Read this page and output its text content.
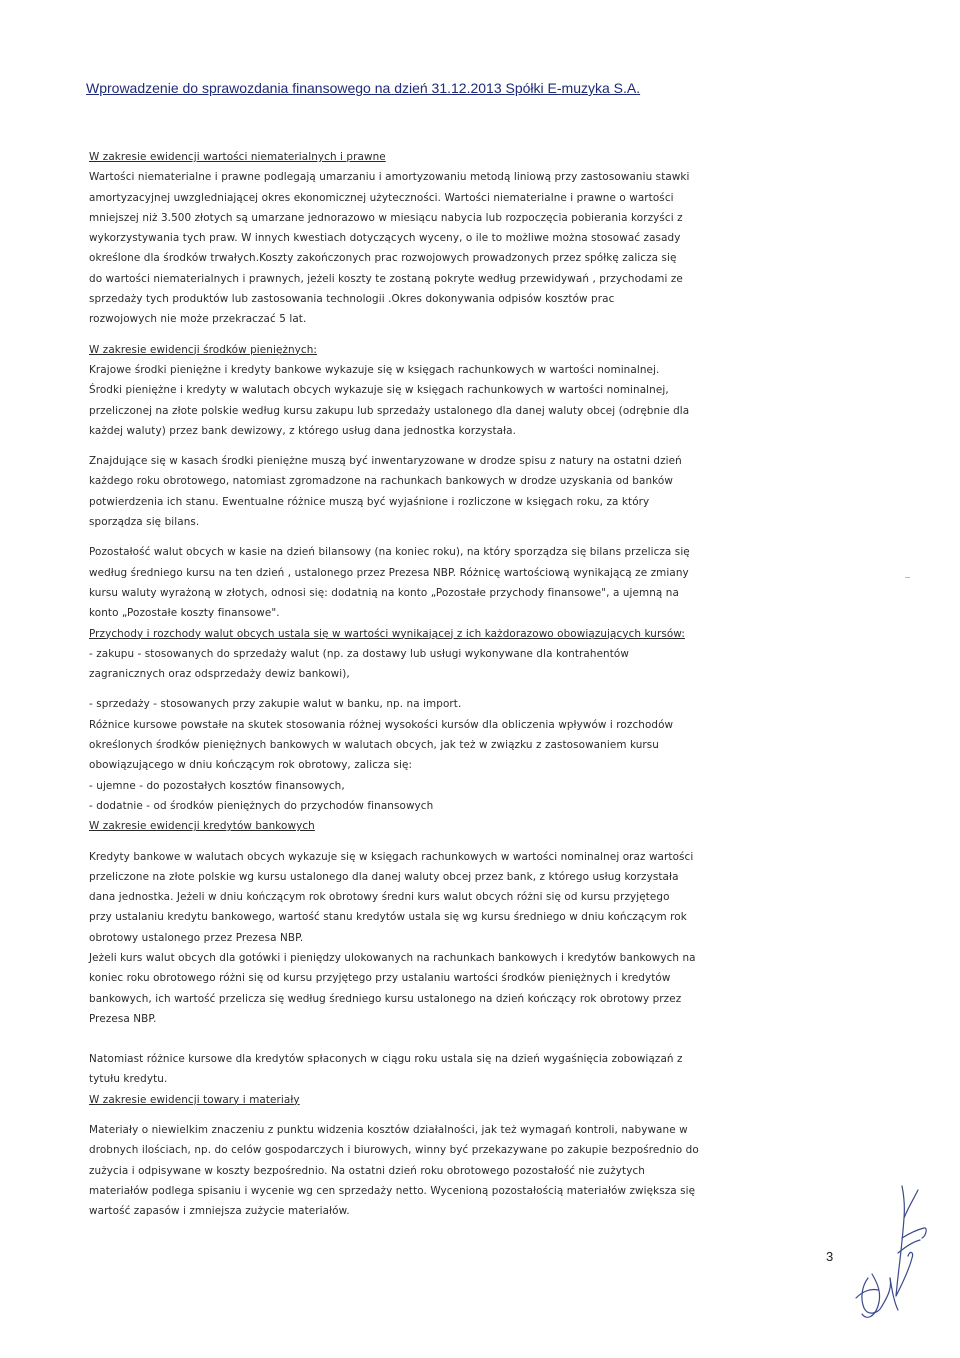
Wprowadzenie do sprawozdania finansowego na dzień 31.12.2013 Spółki E-muzyka S.A.
W zakresie ewidencji wartości niematerialnych i prawne
Wartości niematerialne i prawne podlegają umarzaniu i amortyzowaniu metodą liniową przy zastosowaniu stawki
amortyzacyjnej uwzgledniającej okres ekonomicznej użyteczności. Wartości niematerialne i prawne o wartości
mniejszej niż 3.500 złotych są umarzane jednorazowo w miesiącu nabycia lub rozpoczęcia pobierania korzyści z
wykorzystywania tych praw. W innych kwestiach dotyczących wyceny, o ile to możliwe można stosować zasady
określone dla środków trwałych.Koszty zakończonych prac rozwojowych prowadzonych przez spółkę zalicza się
do wartości niematerialnych i prawnych, jeżeli koszty te zostaną pokryte według przewidywań , przychodami ze
sprzedaży tych produktów lub zastosowania technologii .Okres dokonywania odpisów kosztów prac
rozwojowych nie może przekraczać 5 lat.
W zakresie ewidencji środków pieniężnych:
Krajowe środki pieniężne i kredyty bankowe wykazuje się w księgach rachunkowych w wartości nominalnej.
Środki pieniężne i kredyty w walutach obcych wykazuje się w księgach rachunkowych w wartości nominalnej,
przeliczonej na złote polskie według kursu zakupu lub sprzedaży ustalonego dla danej waluty obcej (odrębnie dla
każdej waluty) przez bank dewizowy, z którego usług dana jednostka korzystała.
Znajdujące się w kasach środki pieniężne muszą być inwentaryzowane w drodze spisu z natury na ostatni dzień
każdego roku obrotowego, natomiast zgromadzone na rachunkach bankowych w drodze uzyskania od banków
potwierdzenia ich stanu. Ewentualne różnice muszą być wyjaśnione i rozliczone w księgach roku, za który
sporządza się bilans.
Pozostałość walut obcych w kasie na dzień bilansowy (na koniec roku), na który sporządza się bilans przelicza się
według średniego kursu na ten dzień , ustalonego przez Prezesa NBP. Różnicę wartościową wynikającą ze zmiany
kursu waluty wyrażoną w złotych, odnosi się: dodatnią na konto „Pozostałe przychody finansowe", a ujemną na
konto „Pozostałe koszty finansowe".
Przychody i rozchody walut obcych ustala się w wartości wynikającej z ich każdorazowo obowiązujących kursów:
- zakupu - stosowanych do sprzedaży walut (np. za dostawy lub usługi wykonywane dla kontrahentów
zagranicznych oraz odsprzedaży dewiz bankowi),
- sprzedaży - stosowanych przy zakupie walut w banku, np. na import.
Różnice kursowe powstałe na skutek stosowania różnej wysokości kursów dla obliczenia wpływów i rozchodów
określonych środków pieniężnych bankowych w walutach obcych, jak też w związku z zastosowaniem kursu
obowiązującego w dniu kończącym rok obrotowy, zalicza się:
- ujemne - do pozostałych kosztów finansowych,
- dodatnie - od środków pieniężnych do przychodów finansowych
W zakresie ewidencji kredytów bankowych
Kredyty bankowe w walutach obcych wykazuje się w księgach rachunkowych w wartości nominalnej oraz wartości
przeliczone na złote polskie wg kursu ustalonego dla danej waluty obcej przez bank, z którego usług korzystała
dana jednostka. Jeżeli w dniu kończącym rok obrotowy średni kurs walut obcych różni się od kursu przyjętego
przy ustalaniu kredytu bankowego, wartość stanu kredytów ustala się wg kursu średniego w dniu kończącym rok
obrotowy ustalonego przez Prezesa NBP.
Jeżeli kurs walut obcych dla gotówki i pieniędzy ulokowanych na rachunkach bankowych i kredytów bankowych na
koniec roku obrotowego różni się od kursu przyjętego przy ustalaniu wartości środków pieniężnych i kredytów
bankowych, ich wartość przelicza się według średniego kursu ustalonego na dzień kończący rok obrotowy przez
Prezesa NBP.
Natomiast różnice kursowe dla kredytów spłaconych w ciągu roku ustala się na dzień wygaśnięcia zobowiązań z
tytułu kredytu.
W zakresie ewidencji towary i materiały
Materiały o niewielkim znaczeniu z punktu widzenia kosztów działalności, jak też wymagań kontroli, nabywane w
drobnych ilościach, np. do celów gospodarczych i biurowych, winny być przekazywane po zakupie bezpośrednio do
zużycia i odpisywane w koszty bezpośrednio. Na ostatni dzień roku obrotowego pozostałość nie zużytych
materiałów podlega spisaniu i wycenie wg cen sprzedaży netto. Wycenioną pozostałością materiałów zwiększa się
wartość zapasów i zmniejsza zużycie materiałów.
3
